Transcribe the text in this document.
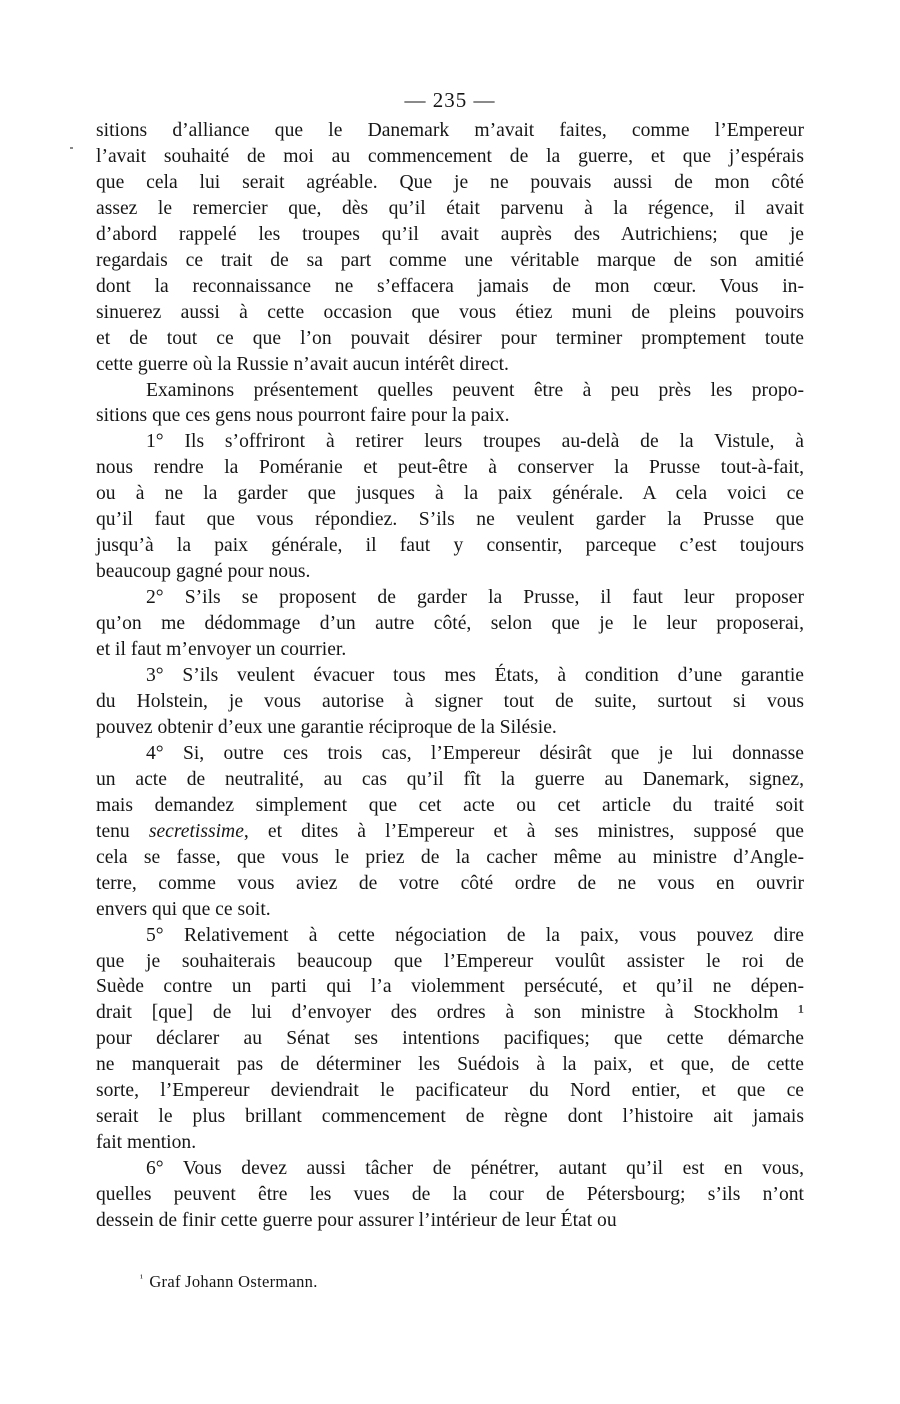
— 235 —

sitions d’alliance que le Danemark m’avait faites, comme l’Empereur
l’avait souhaité de moi au commencement de la guerre, et que j’espérais
que cela lui serait agréable. Que je ne pouvais aussi de mon côté
assez le remercier que, dès qu’il était parvenu à la régence, il avait
d’abord rappelé les troupes qu’il avait auprès des Autrichiens; que je
regardais ce trait de sa part comme une véritable marque de son amitié
dont la reconnaissance ne s’effacera jamais de mon cœur. Vous in-
sinuerez aussi à cette occasion que vous étiez muni de pleins pouvoirs
et de tout ce que l’on pouvait désirer pour terminer promptement toute
cette guerre où la Russie n’avait aucun intérêt direct.

Examinons présentement quelles peuvent être à peu près les propo-
sitions que ces gens nous pourront faire pour la paix.

1° Ils s’offriront à retirer leurs troupes au-delà de la Vistule, à
nous rendre la Poméranie et peut-être à conserver la Prusse tout-à-fait,
ou à ne la garder que jusques à la paix générale. A cela voici ce
qu’il faut que vous répondiez. S’ils ne veulent garder la Prusse que
jusqu’à la paix générale, il faut y consentir, parceque c’est toujours
beaucoup gagné pour nous.

2° S’ils se proposent de garder la Prusse, il faut leur proposer
qu’on me dédommage d’un autre côté, selon que je le leur proposerai,
et il faut m’envoyer un courrier.

3° S’ils veulent évacuer tous mes États, à condition d’une garantie
du Holstein, je vous autorise à signer tout de suite, surtout si vous
pouvez obtenir d’eux une garantie réciproque de la Silésie.

4° Si, outre ces trois cas, l’Empereur désirât que je lui donnasse
un acte de neutralité, au cas qu’il fît la guerre au Danemark, signez,
mais demandez simplement que cet acte ou cet article du traité soit
tenu secretissime, et dites à l’Empereur et à ses ministres, supposé que
cela se fasse, que vous le priez de la cacher même au ministre d’Angle-
terre, comme vous aviez de votre côté ordre de ne vous en ouvrir
envers qui que ce soit.

5° Relativement à cette négociation de la paix, vous pouvez dire
que je souhaiterais beaucoup que l’Empereur voulût assister le roi de
Suède contre un parti qui l’a violemment persécuté, et qu’il ne dépen-
drait [que] de lui d’envoyer des ordres à son ministre à Stockholm ¹
pour déclarer au Sénat ses intentions pacifiques; que cette démarche
ne manquerait pas de déterminer les Suédois à la paix, et que, de cette
sorte, l’Empereur deviendrait le pacificateur du Nord entier, et que ce
serait le plus brillant commencement de règne dont l’histoire ait jamais
fait mention.

6° Vous devez aussi tâcher de pénétrer, autant qu’il est en vous,
quelles peuvent être les vues de la cour de Pétersbourg; s’ils n’ont
dessein de finir cette guerre pour assurer l’intérieur de leur État ou

$^{^1}$ Graf Johann Ostermann.
